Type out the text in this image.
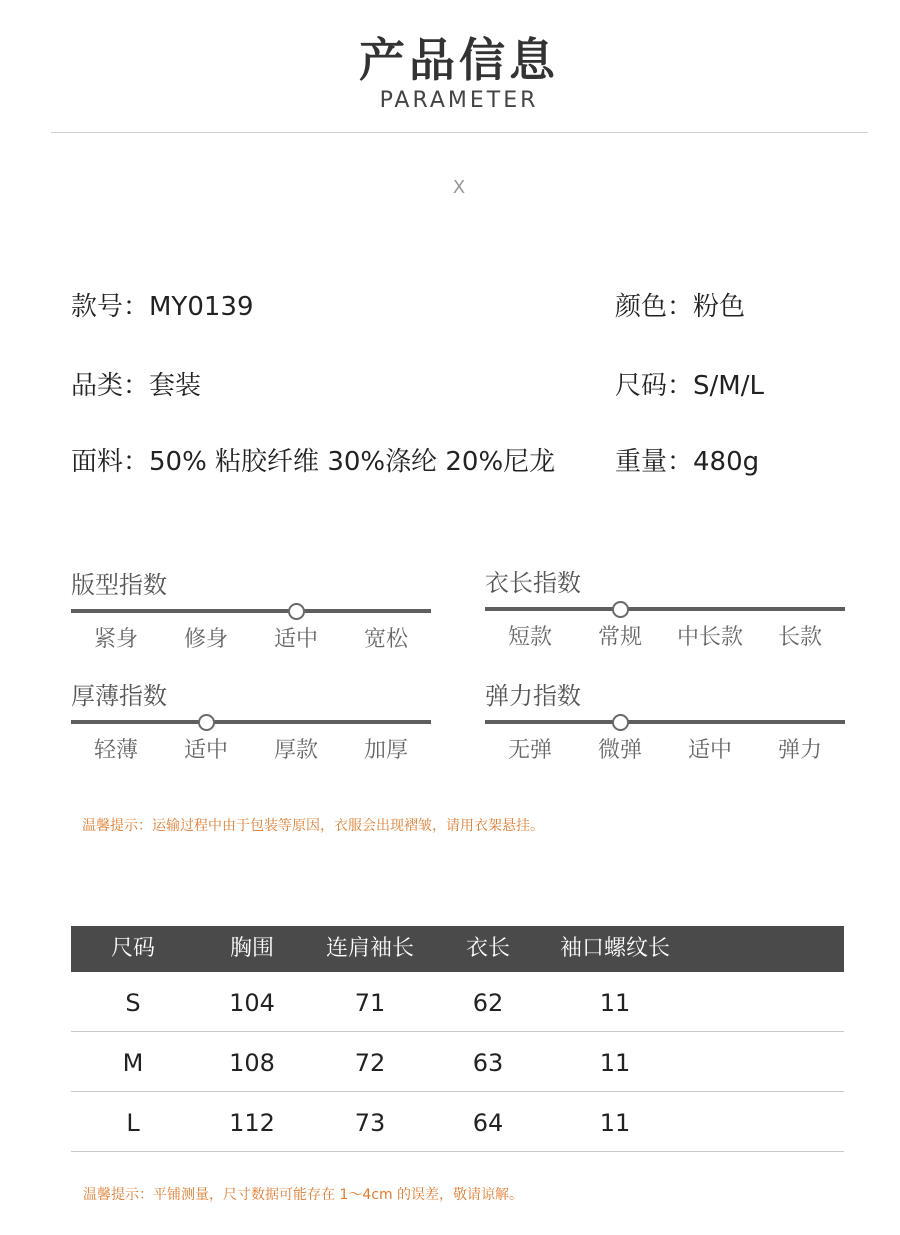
产品信息
PARAMETER
X
款号：MY0139	颜色：粉色
品类：套装	尺码：S/M/L
面料：50% 粘胶纤维 30%涤纶 20%尼龙 重量：480g
版型指数
紧身	修身	适中	宽松
衣长指数
短款	常规	中长款	长款
厚薄指数
轻薄	适中	厚款	加厚
弹力指数
无弹	微弹	适中	弹力
温馨提示：运输过程中由于包装等原因，衣服会出现褶皱，请用衣架悬挂。
尺码	胸围	连肩袖长	衣长	袖口螺纹长
S	104	71	62	11
M	108	72	63	11
L	112	73	64	11
温馨提示：平铺测量，尺寸数据可能存在 1～4cm 的误差，敬请谅解。
